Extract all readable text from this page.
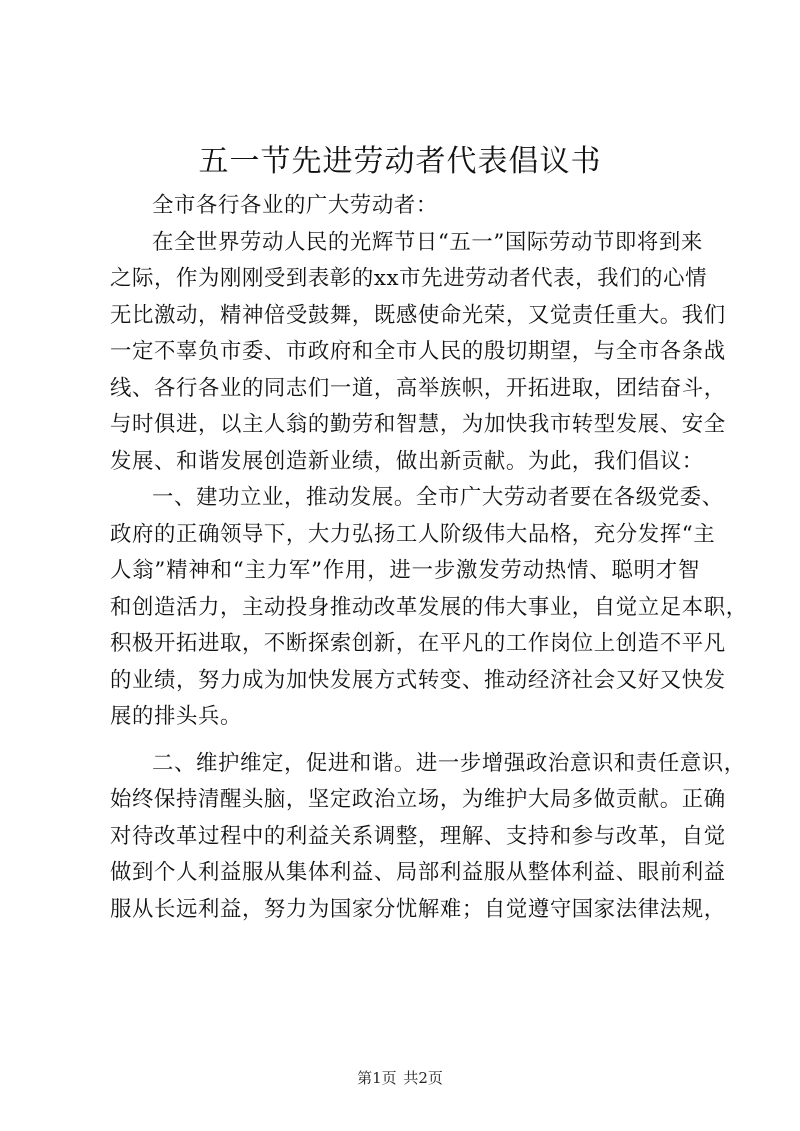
五一节先进劳动者代表倡议书
全市各行各业的广大劳动者：
在全世界劳动人民的光辉节日“五一”国际劳动节即将到来
之际，作为刚刚受到表彰的xx市先进劳动者代表，我们的心情
无比激动，精神倍受鼓舞，既感使命光荣，又觉责任重大。我们
一定不辜负市委、市政府和全市人民的殷切期望，与全市各条战
线、各行各业的同志们一道，高举族帜，开拓进取，团结奋斗，
与时俱进，以主人翁的勤劳和智慧，为加快我市转型发展、安全
发展、和谐发展创造新业绩，做出新贡献。为此，我们倡议：
一、建功立业，推动发展。全市广大劳动者要在各级党委、
政府的正确领导下，大力弘扬工人阶级伟大品格，充分发挥“主
人翁”精神和“主力军”作用，进一步激发劳动热情、聪明才智
和创造活力，主动投身推动改革发展的伟大事业，自觉立足本职，
积极开拓进取，不断探索创新，在平凡的工作岗位上创造不平凡
的业绩，努力成为加快发展方式转变、推动经济社会又好又快发
展的排头兵。
二、维护维定，促进和谐。进一步增强政治意识和责任意识，
始终保持清醒头脑，坚定政治立场，为维护大局多做贡献。正确
对待改革过程中的利益关系调整，理解、支持和参与改革，自觉
做到个人利益服从集体利益、局部利益服从整体利益、眼前利益
服从长远利益，努力为国家分忧解难；自觉遵守国家法律法规，
第1页 共2页
